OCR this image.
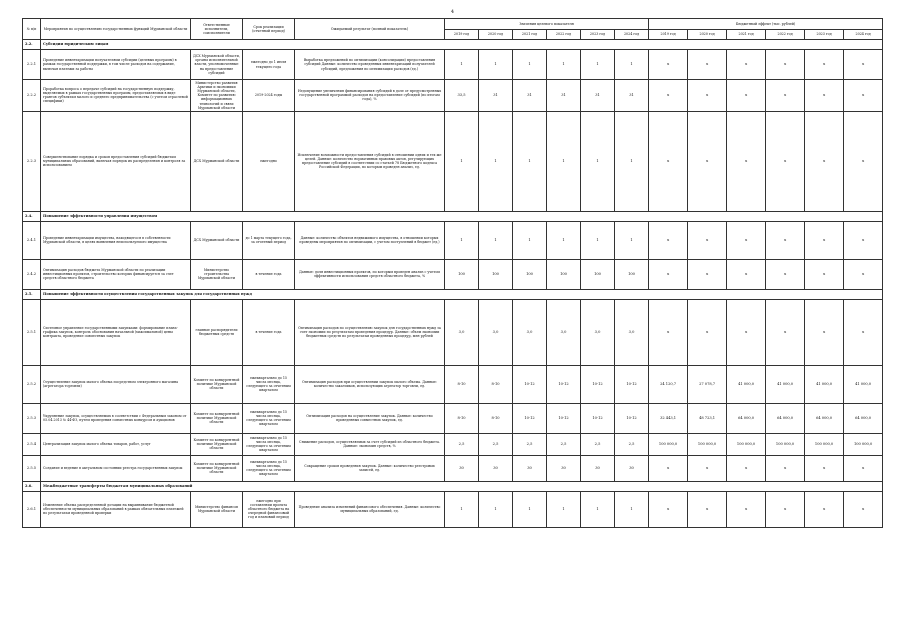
4
№ п/п	Мероприятия по осуществлению государственных функций Мурманской области	Ответственные исполнители, соисполнители	Срок реализации (отчетный период)	Ожидаемый результат (полный показатель)	Значения целевого показателя						Бюджетный эффект (тыс. рублей)					
					2019 год	2020 год	2021 год	2022 год	2023 год	2024 год	2019 год	2020 год	2021 год	2022 год	2023 год	2024 год
2.2.	Субсидии юридическим лицам															
2.2.1	Проведение инвентаризации получателями субсидии (целевых программ) в рамках государственной поддержки, в том числе расходов на содержание, включая платежи за работы	ДСХ Мурманской области, органы исполнительной власти, уполномоченные на предоставление субсидий	ежегодно до 1 июля текущего года	Выработка предложений по оптимизации (консолидации) предоставления субсидий Данные: количество проведенных инвентаризаций получателей субсидий, предложения по оптимизации расходов (ед.)	1	1	1	1	1	1	x	x	x	x	x	x
2.2.2	Проработка вопроса о передаче субсидий на государственную поддержку, выделяемых в рамках государственных программ, предоставляемых в виде грантов субъектам малого и среднего предпринимательства (с учетом отраслевой специфики)	Министерство развития Арктики и экономики Мурманской области, Комитет по развитию информационных технологий и связи Мурманской области	2019-2024 годы	Недопущение увеличения финансирования субсидий в доле от предусмотренных государственной программой расходов на предоставление субсидий (по итогам года), %	33,5	31	31	31	31	31	x	x	x	x	x	x
2.2.3	Совершенствование порядка и сроков предоставления субсидий бюджетам муниципальных образований, включая порядок их распределения и контроля за использованием	ДСХ Мурманской области	ежегодно	Исключение возможности предоставления субсидий в отношении одних и тех же целей. Данные: количество нормативных правовых актов, регулирующих предоставление субсидий в соответствии со статьей 78 Бюджетного кодекса Российской Федерации, по которым проведен анализ, ед.	1	1	1	1	1	1	x	x	x	x	x	x
2.4.	Повышение эффективности управления имуществом															
2.4.1	Проведение инвентаризации имущества, находящегося в собственности Мурманской области, в целях выявления неиспользуемого имущества	ДСХ Мурманской области	до 1 марта текущего года, за отчетный период	Данные: количество объектов недвижимого имущества, в отношении которых проведены мероприятия по оптимизации, с учетом поступлений в бюджет (ед.)	1	1	1	1	1	1	x	x	x	x	x	x
2.4.2	Оптимизация расходов бюджета Мурманской области по реализации инвестиционных проектов, строительство которых финансируется за счет средств областного бюджета	Министерство строительства Мурманской области	в течение года	Данные: доля инвестиционных проектов, по которым проведен анализ с учетом эффективности использования средств областного бюджета, %	100	100	100	100	100	100	x	x	x	x	x	x
2.5.	Повышение эффективности осуществления государственных закупок для государственных нужд															
2.5.1	Системное управление государственными закупками: формирование плана-графика закупок, контроль обоснования начальной (максимальной) цены контракта, проведение совместных закупок	главные распорядители бюджетных средств	в течение года	Оптимизация расходов по осуществлению закупок для государственных нужд за счет экономии по результатам проведения процедур. Данные: объем экономии бюджетных средств по результатам проведенных процедур, млн рублей	3,0	3,0	3,0	3,0	3,0	3,0	x	x	x	x	x	x
2.5.2	Осуществление закупок малого объема посредством электронного магазина (агрегатора торговли)	Комитет по конкурентной политике Мурманской области	ежеквартально до 15 числа месяца, следующего за отчетным кварталом	Оптимизация расходов при осуществлении закупок малого объема. Данные: количество заказчиков, использующих агрегатор торговли, ед.	8-10	8-10	10-12	10-12	10-12	10-12	24 120,7	27 078,7	41 000,0	41 000,0	41 000,0	41 000,0
2.5.3	Укрупнение закупок, осуществляемых в соответствии с Федеральным законом от 05.04.2013 № 44-ФЗ, путем проведения совместных конкурсов и аукционов	Комитет по конкурентной политике Мурманской области	ежеквартально до 15 числа месяца, следующего за отчетным кварталом	Оптимизация расходов на осуществление закупок. Данные: количество проведенных совместных закупок, ед.	8-10	8-10	10-12	10-12	10-12	10-12	32 443,1	48 723,1	64 000,0	64 000,0	64 000,0	64 000,0
2.5.4	Централизация закупок малого объема товаров, работ, услуг	Комитет по конкурентной политике Мурманской области	ежеквартально до 15 числа месяца, следующего за отчетным кварталом	Снижение расходов, осуществляемых за счет субсидий из областного бюджета. Данные: экономия средств, %	2,5	2,5	2,5	2,5	2,5	2,5	100 000,0	100 000,0	100 000,0	100 000,0	100 000,0	100 000,0
2.5.5	Создание и ведение в актуальном состоянии реестра государственных закупок	Комитет по конкурентной политике Мурманской области	ежеквартально до 15 числа месяца, следующего за отчетным кварталом	Сокращение сроков проведения закупок. Данные: количество реестровых записей, ед.	30	30	30	30	30	30	x	x	x	x	x	x
2.6.	Межбюджетные трансферты бюджетам муниципальных образований															
2.6.1	Изменение объема распределенной дотации на выравнивание бюджетной обеспеченности муниципальных образований в рамках обязательных платежей по результатам проведенной проверки	Министерство финансов Мурманской области	ежегодно при составлении проекта областного бюджета на очередной финансовый год и плановый период	Проведение анализа изменений финансового обеспечения. Данные: количество муниципальных образований, ед.	1	1	1	1	1	1	x	x	x	x	x	x
